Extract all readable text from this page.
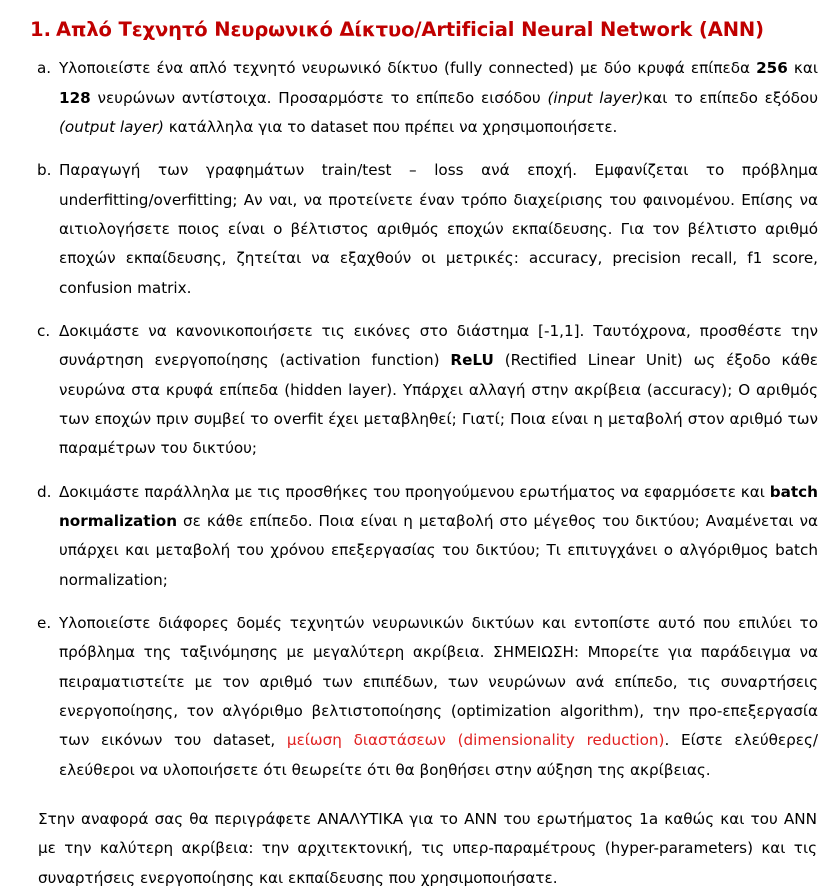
1. Απλό Τεχνητό Νευρωνικό Δίκτυο/Artificial Neural Network (ANN)
a. Υλοποιείστε ένα απλό τεχνητό νευρωνικό δίκτυο (fully connected) με δύο κρυφά επίπεδα 256 και 128 νευρώνων αντίστοιχα. Προσαρμόστε το επίπεδο εισόδου (input layer)και το επίπεδο εξόδου (output layer) κατάλληλα για το dataset που πρέπει να χρησιμοποιήσετε.
b. Παραγωγή των γραφημάτων train/test – loss ανά εποχή. Εμφανίζεται το πρόβλημα underfitting/overfitting; Αν ναι, να προτείνετε έναν τρόπο διαχείρισης του φαινομένου. Επίσης να αιτιολογήσετε ποιος είναι ο βέλτιστος αριθμός εποχών εκπαίδευσης. Για τον βέλτιστο αριθμό εποχών εκπαίδευσης, ζητείται να εξαχθούν οι μετρικές: accuracy, precision recall, f1 score, confusion matrix.
c. Δοκιμάστε να κανονικοποιήσετε τις εικόνες στο διάστημα [-1,1]. Ταυτόχρονα, προσθέστε την συνάρτηση ενεργοποίησης (activation function) ReLU (Rectified Linear Unit) ως έξοδο κάθε νευρώνα στα κρυφά επίπεδα (hidden layer). Υπάρχει αλλαγή στην ακρίβεια (accuracy); Ο αριθμός των εποχών πριν συμβεί το overfit έχει μεταβληθεί; Γιατί; Ποια είναι η μεταβολή στον αριθμό των παραμέτρων του δικτύου;
d. Δοκιμάστε παράλληλα με τις προσθήκες του προηγούμενου ερωτήματος να εφαρμόσετε και batch normalization σε κάθε επίπεδο. Ποια είναι η μεταβολή στο μέγεθος του δικτύου; Αναμένεται να υπάρχει και μεταβολή του χρόνου επεξεργασίας του δικτύου; Τι επιτυγχάνει ο αλγόριθμος batch normalization;
e. Υλοποιείστε διάφορες δομές τεχνητών νευρωνικών δικτύων και εντοπίστε αυτό που επιλύει το πρόβλημα της ταξινόμησης με μεγαλύτερη ακρίβεια. ΣΗΜΕΙΩΣΗ: Μπορείτε για παράδειγμα να πειραματιστείτε με τον αριθμό των επιπέδων, των νευρώνων ανά επίπεδο, τις συναρτήσεις ενεργοποίησης, τον αλγόριθμο βελτιστοποίησης (optimization algorithm), την προ-επεξεργασία των εικόνων του dataset, μείωση διαστάσεων (dimensionality reduction). Είστε ελεύθερες/ελεύθεροι να υλοποιήσετε ότι θεωρείτε ότι θα βοηθήσει στην αύξηση της ακρίβειας.
Στην αναφορά σας θα περιγράφετε ΑΝΑΛΥΤΙΚΑ για το ANN του ερωτήματος 1a καθώς και του ANN με την καλύτερη ακρίβεια: την αρχιτεκτονική, τις υπερ-παραμέτρους (hyper-parameters) και τις συναρτήσεις ενεργοποίησης και εκπαίδευσης που χρησιμοποιήσατε.
